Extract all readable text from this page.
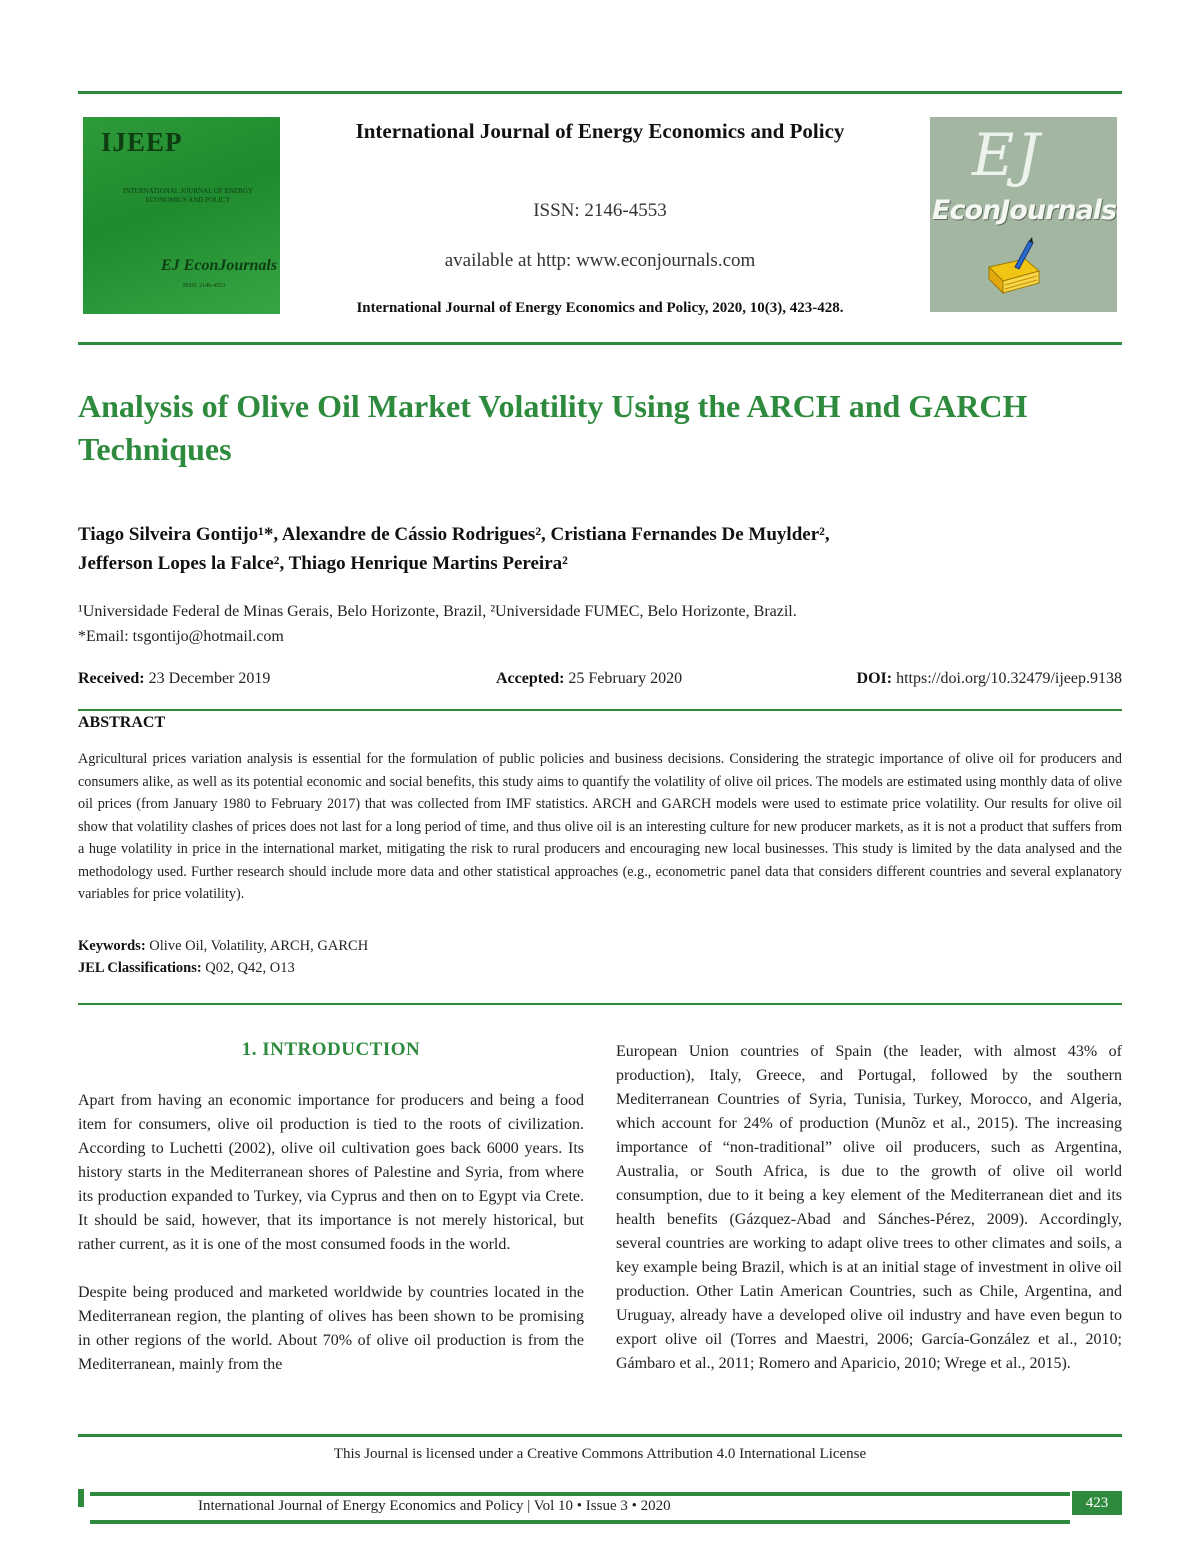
IJEEP
INTERNATIONAL JOURNAL OF ENERGY ECONOMICS AND POLICY
EJ EconJournals
ISSN: 2146-4553
International Journal of Energy Economics and Policy
ISSN: 2146-4553
available at http: www.econjournals.com
International Journal of Energy Economics and Policy, 2020, 10(3), 423-428.
EJ
EconJournals
Analysis of Olive Oil Market Volatility Using the ARCH and GARCH Techniques
Tiago Silveira Gontijo¹*, Alexandre de Cássio Rodrigues², Cristiana Fernandes De Muylder²,
Jefferson Lopes la Falce², Thiago Henrique Martins Pereira²
¹Universidade Federal de Minas Gerais, Belo Horizonte, Brazil, ²Universidade FUMEC, Belo Horizonte, Brazil.
*Email: tsgontijo@hotmail.com
Received: 23 December 2019	Accepted: 25 February 2020	DOI: https://doi.org/10.32479/ijeep.9138
ABSTRACT
Agricultural prices variation analysis is essential for the formulation of public policies and business decisions. Considering the strategic importance of olive oil for producers and consumers alike, as well as its potential economic and social benefits, this study aims to quantify the volatility of olive oil prices. The models are estimated using monthly data of olive oil prices (from January 1980 to February 2017) that was collected from IMF statistics. ARCH and GARCH models were used to estimate price volatility. Our results for olive oil show that volatility clashes of prices does not last for a long period of time, and thus olive oil is an interesting culture for new producer markets, as it is not a product that suffers from a huge volatility in price in the international market, mitigating the risk to rural producers and encouraging new local businesses. This study is limited by the data analysed and the methodology used. Further research should include more data and other statistical approaches (e.g., econometric panel data that considers different countries and several explanatory variables for price volatility).
Keywords: Olive Oil, Volatility, ARCH, GARCH
JEL Classifications: Q02, Q42, O13
1. INTRODUCTION

Apart from having an economic importance for producers and being a food item for consumers, olive oil production is tied to the roots of civilization. According to Luchetti (2002), olive oil cultivation goes back 6000 years. Its history starts in the Mediterranean shores of Palestine and Syria, from where its production expanded to Turkey, via Cyprus and then on to Egypt via Crete. It should be said, however, that its importance is not merely historical, but rather current, as it is one of the most consumed foods in the world.

Despite being produced and marketed worldwide by countries located in the Mediterranean region, the planting of olives has been shown to be promising in other regions of the world. About 70% of olive oil production is from the Mediterranean, mainly from the

European Union countries of Spain (the leader, with almost 43% of production), Italy, Greece, and Portugal, followed by the southern Mediterranean Countries of Syria, Tunisia, Turkey, Morocco, and Algeria, which account for 24% of production (Munõz et al., 2015). The increasing importance of “non-traditional” olive oil producers, such as Argentina, Australia, or South Africa, is due to the growth of olive oil world consumption, due to it being a key element of the Mediterranean diet and its health benefits (Gázquez-Abad and Sánches-Pérez, 2009). Accordingly, several countries are working to adapt olive trees to other climates and soils, a key example being Brazil, which is at an initial stage of investment in olive oil production. Other Latin American Countries, such as Chile, Argentina, and Uruguay, already have a developed olive oil industry and have even begun to export olive oil (Torres and Maestri, 2006; García-González et al., 2010; Gámbaro et al., 2011; Romero and Aparicio, 2010; Wrege et al., 2015).

This Journal is licensed under a Creative Commons Attribution 4.0 International License
International Journal of Energy Economics and Policy | Vol 10 • Issue 3 • 2020	423
